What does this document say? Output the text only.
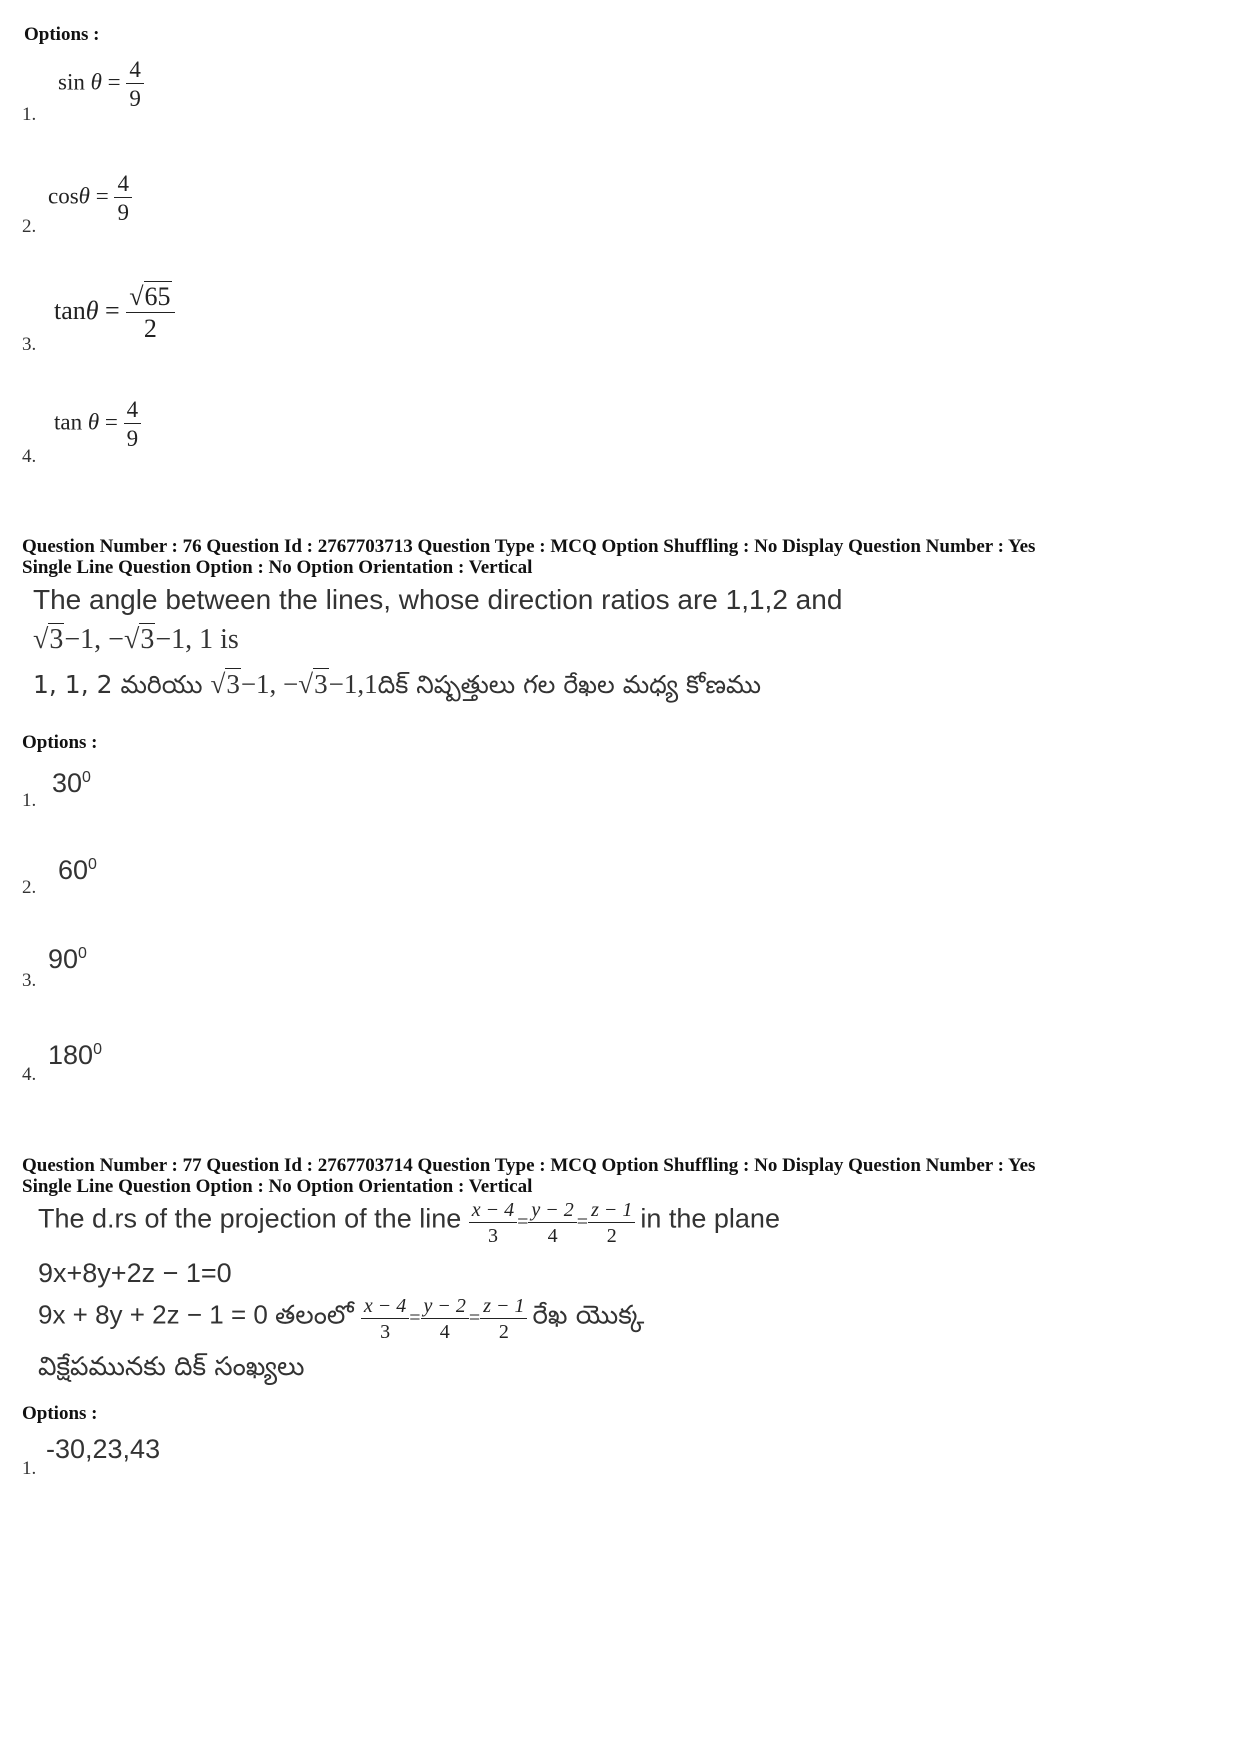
Options :
1.
$\sin \theta = \frac{4}{9}$
2.
$\cos\theta = \frac{4}{9}$
3.
$\tan\theta = \frac{√65}{2}$
4.
$\tan \theta = \frac{4}{9}$
Question Number : 76 Question Id : 2767703713 Question Type : MCQ Option Shuffling : No Display Question Number : Yes
Single Line Question Option : No Option Orientation : Vertical
The angle between the lines, whose direction ratios are 1,1,2 and
√3−1, −√3−1, 1 is
1, 1, 2 మరియు √3−1, −√3−1,1దిక్ నిష్పత్తులు గల రేఖల మధ్య కోణము
Options :
1.
$30^0$
2.
$60^0$
3.
$90^0$
4.
$180^0$
Question Number : 77 Question Id : 2767703714 Question Type : MCQ Option Shuffling : No Display Question Number : Yes
Single Line Question Option : No Option Orientation : Vertical
The d.rs of the projection of the line $\frac{x - 4}{3} = \frac{y - 2}{4} = \frac{z - 1}{2}$ in the plane
9x+8y+2z − 1=0
9x + 8y + 2z − 1 = 0 తలంలో $\frac{x - 4}{3} = \frac{y - 2}{4} = \frac{z - 1}{2}$ రేఖ యొక్క
విక్షేపమునకు దిక్ సంఖ్యలు
Options :
1.
-30,23,43
